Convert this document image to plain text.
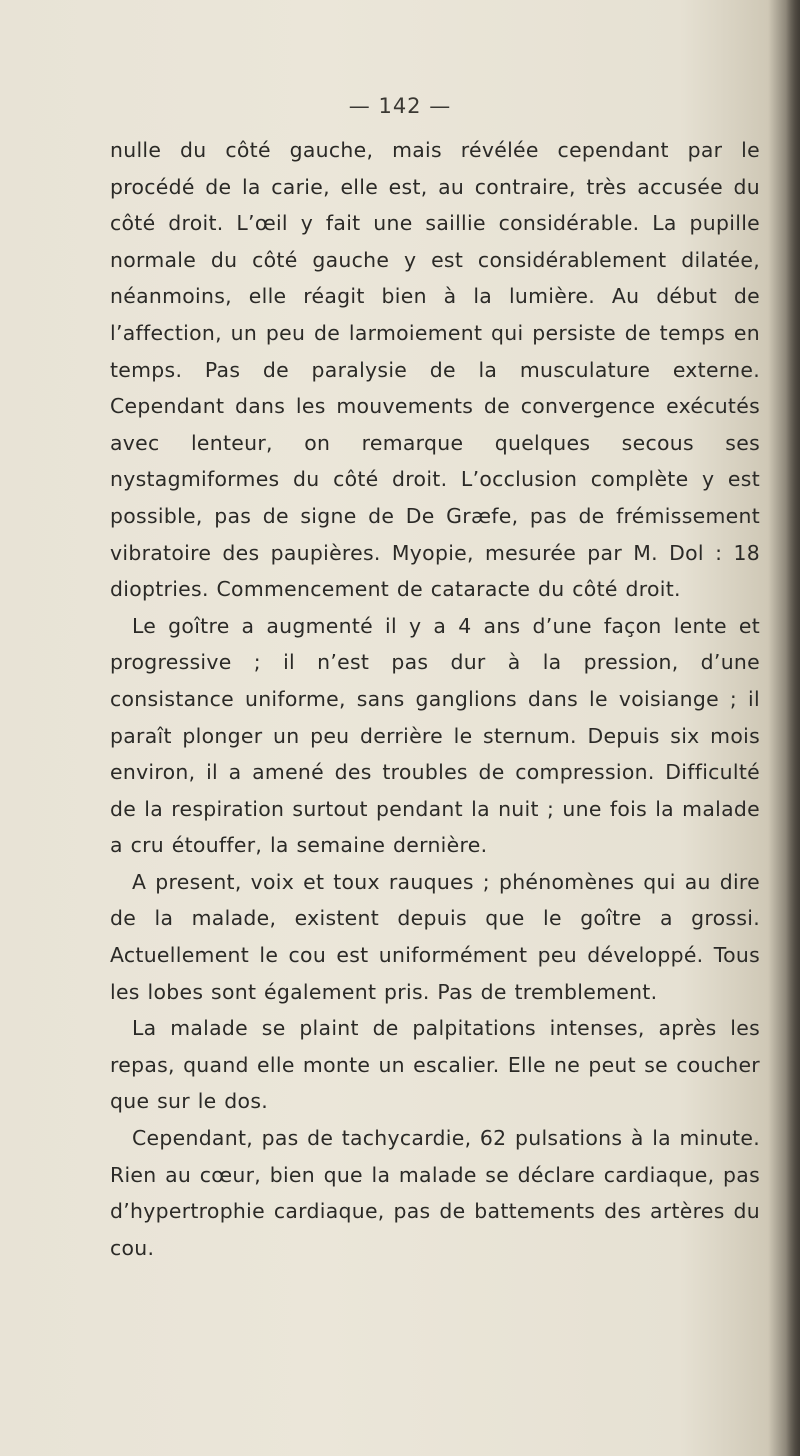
— 142 —

nulle du côté gauche, mais révélée cependant par le procédé de la carie, elle est, au contraire, très accusée du côté droit. L’œil y fait une saillie considérable. La pupille normale du côté gauche y est considérablement dilatée, néanmoins, elle réagit bien à la lumière. Au début de l’affection, un peu de larmoiement qui persiste de temps en temps. Pas de paralysie de la musculature externe. Cependant dans les mouvements de convergence exécutés avec lenteur, on remarque quelques secous ses nystagmiformes du côté droit. L’occlusion complète y est possible, pas de signe de De Græfe, pas de frémissement vibratoire des paupières. Myopie, mesurée par M. Dol : 18 dioptries. Commencement de cataracte du côté droit.

Le goître a augmenté il y a 4 ans d’une façon lente et progressive ; il n’est pas dur à la pression, d’une consistance uniforme, sans ganglions dans le voisiange ; il paraît plonger un peu derrière le sternum. Depuis six mois environ, il a amené des troubles de compression. Difficulté de la respiration surtout pendant la nuit ; une fois la malade a cru étouffer, la semaine dernière.

A present, voix et toux rauques ; phénomènes qui au dire de la malade, existent depuis que le goître a grossi. Actuellement le cou est uniformément peu développé. Tous les lobes sont également pris. Pas de tremblement.

La malade se plaint de palpitations intenses, après les repas, quand elle monte un escalier. Elle ne peut se coucher que sur le dos.

Cependant, pas de tachycardie, 62 pulsations à la minute. Rien au cœur, bien que la malade se déclare cardiaque, pas d’hypertrophie cardiaque, pas de battements des artères du cou.
